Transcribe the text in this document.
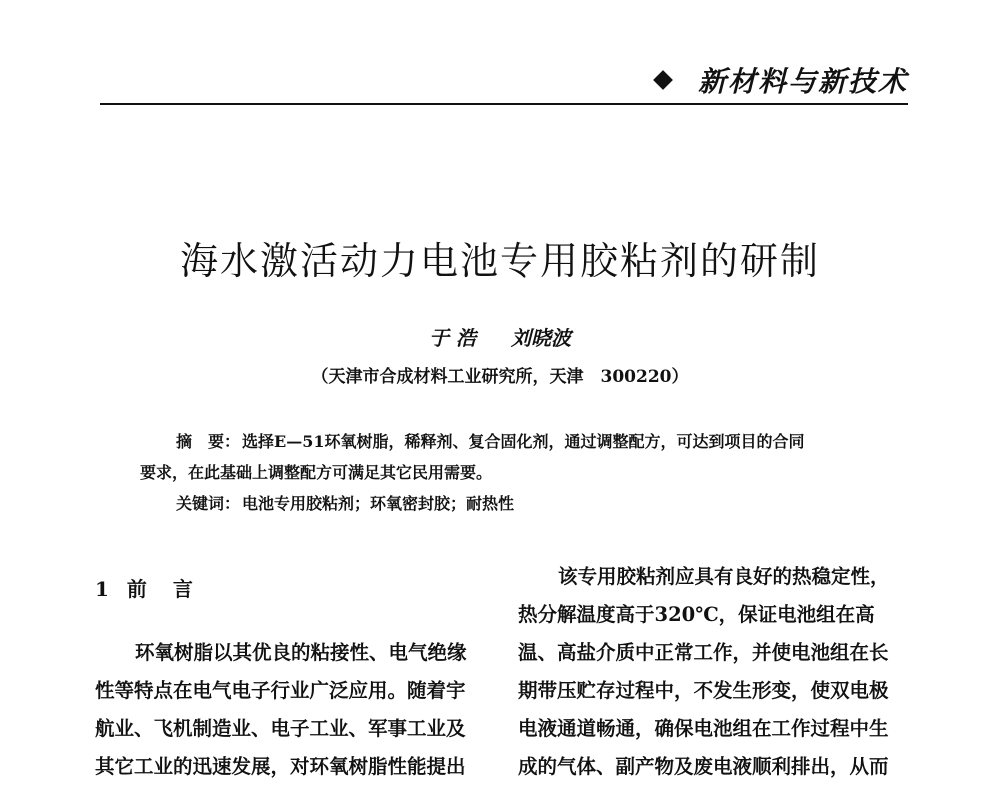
新材料与新技术
海水激活动力电池专用胶粘剂的研制
于 浩 刘晓波
（天津市合成材料工业研究所，天津　300220）

摘　要： 选择E—51环氧树脂，稀释剂、复合固化剂，通过调整配方，可达到项目的合同

要求，在此基础上调整配方可满足其它民用需要。

关键词： 电池专用胶粘剂；环氧密封胶；耐热性

1 前言

环氧树脂以其优良的粘接性、电气绝缘

性等特点在电气电子行业广泛应用。随着宇

航业、飞机制造业、电子工业、军事工业及

其它工业的迅速发展，对环氧树脂性能提出

该专用胶粘剂应具有良好的热稳定性，

热分解温度高于320℃，保证电池组在高

温、高盐介质中正常工作，并使电池组在长

期带压贮存过程中，不发生形变，使双电极

电液通道畅通，确保电池组在工作过程中生

成的气体、副产物及废电液顺利排出，从而
